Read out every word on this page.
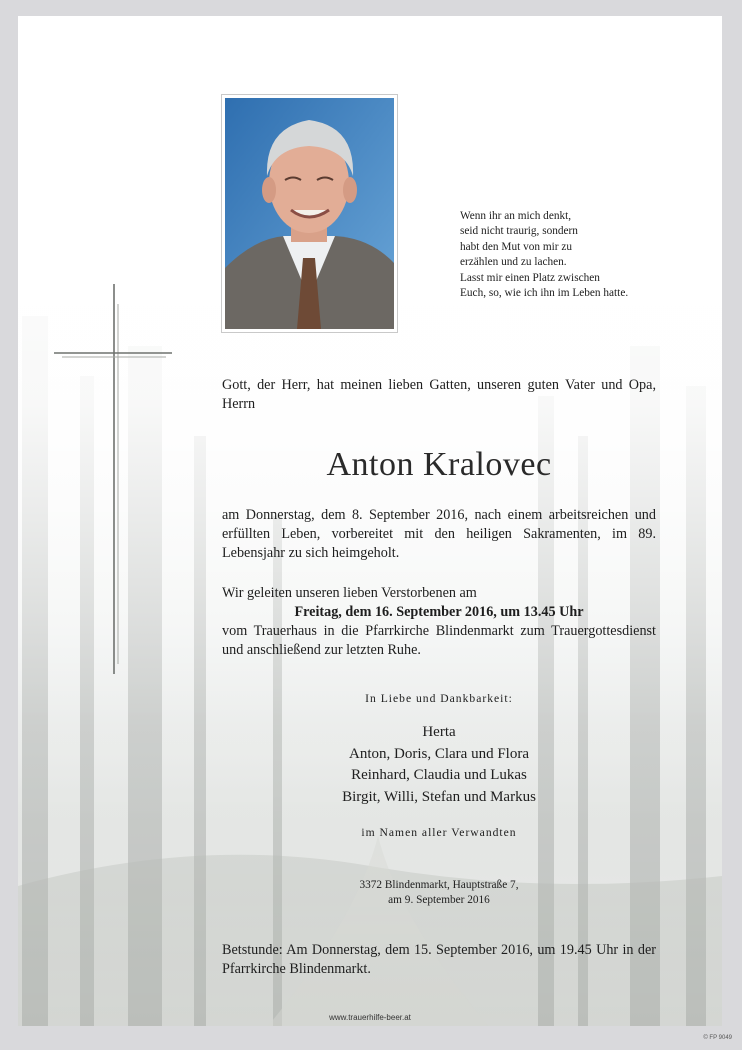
Wenn ihr an mich denkt,
seid nicht traurig, sondern
habt den Mut von mir zu
erzählen und zu lachen.
Lasst mir einen Platz zwischen
Euch, so, wie ich ihn im Leben hatte.
Gott, der Herr, hat meinen lieben Gatten, unseren guten Vater und Opa, Herrn
Anton Kralovec
am Donnerstag, dem 8. September 2016, nach einem arbeitsreichen und erfüllten Leben, vorbereitet mit den heiligen Sakramenten, im 89. Lebensjahr zu sich heimgeholt.
Wir geleiten unseren lieben Verstorbenen am
Freitag, dem 16. September 2016, um 13.45 Uhr
vom Trauerhaus in die Pfarrkirche Blindenmarkt zum Trauergottesdienst und anschließend zur letzten Ruhe.
In Liebe und Dankbarkeit:
Herta
Anton, Doris, Clara und Flora
Reinhard, Claudia und Lukas
Birgit, Willi, Stefan und Markus
im Namen aller Verwandten
3372 Blindenmarkt, Hauptstraße 7,
am 9. September 2016
Betstunde: Am Donnerstag, dem 15. September 2016, um 19.45 Uhr in der Pfarrkirche Blindenmarkt.
www.trauerhilfe-beer.at
© FP 9049
